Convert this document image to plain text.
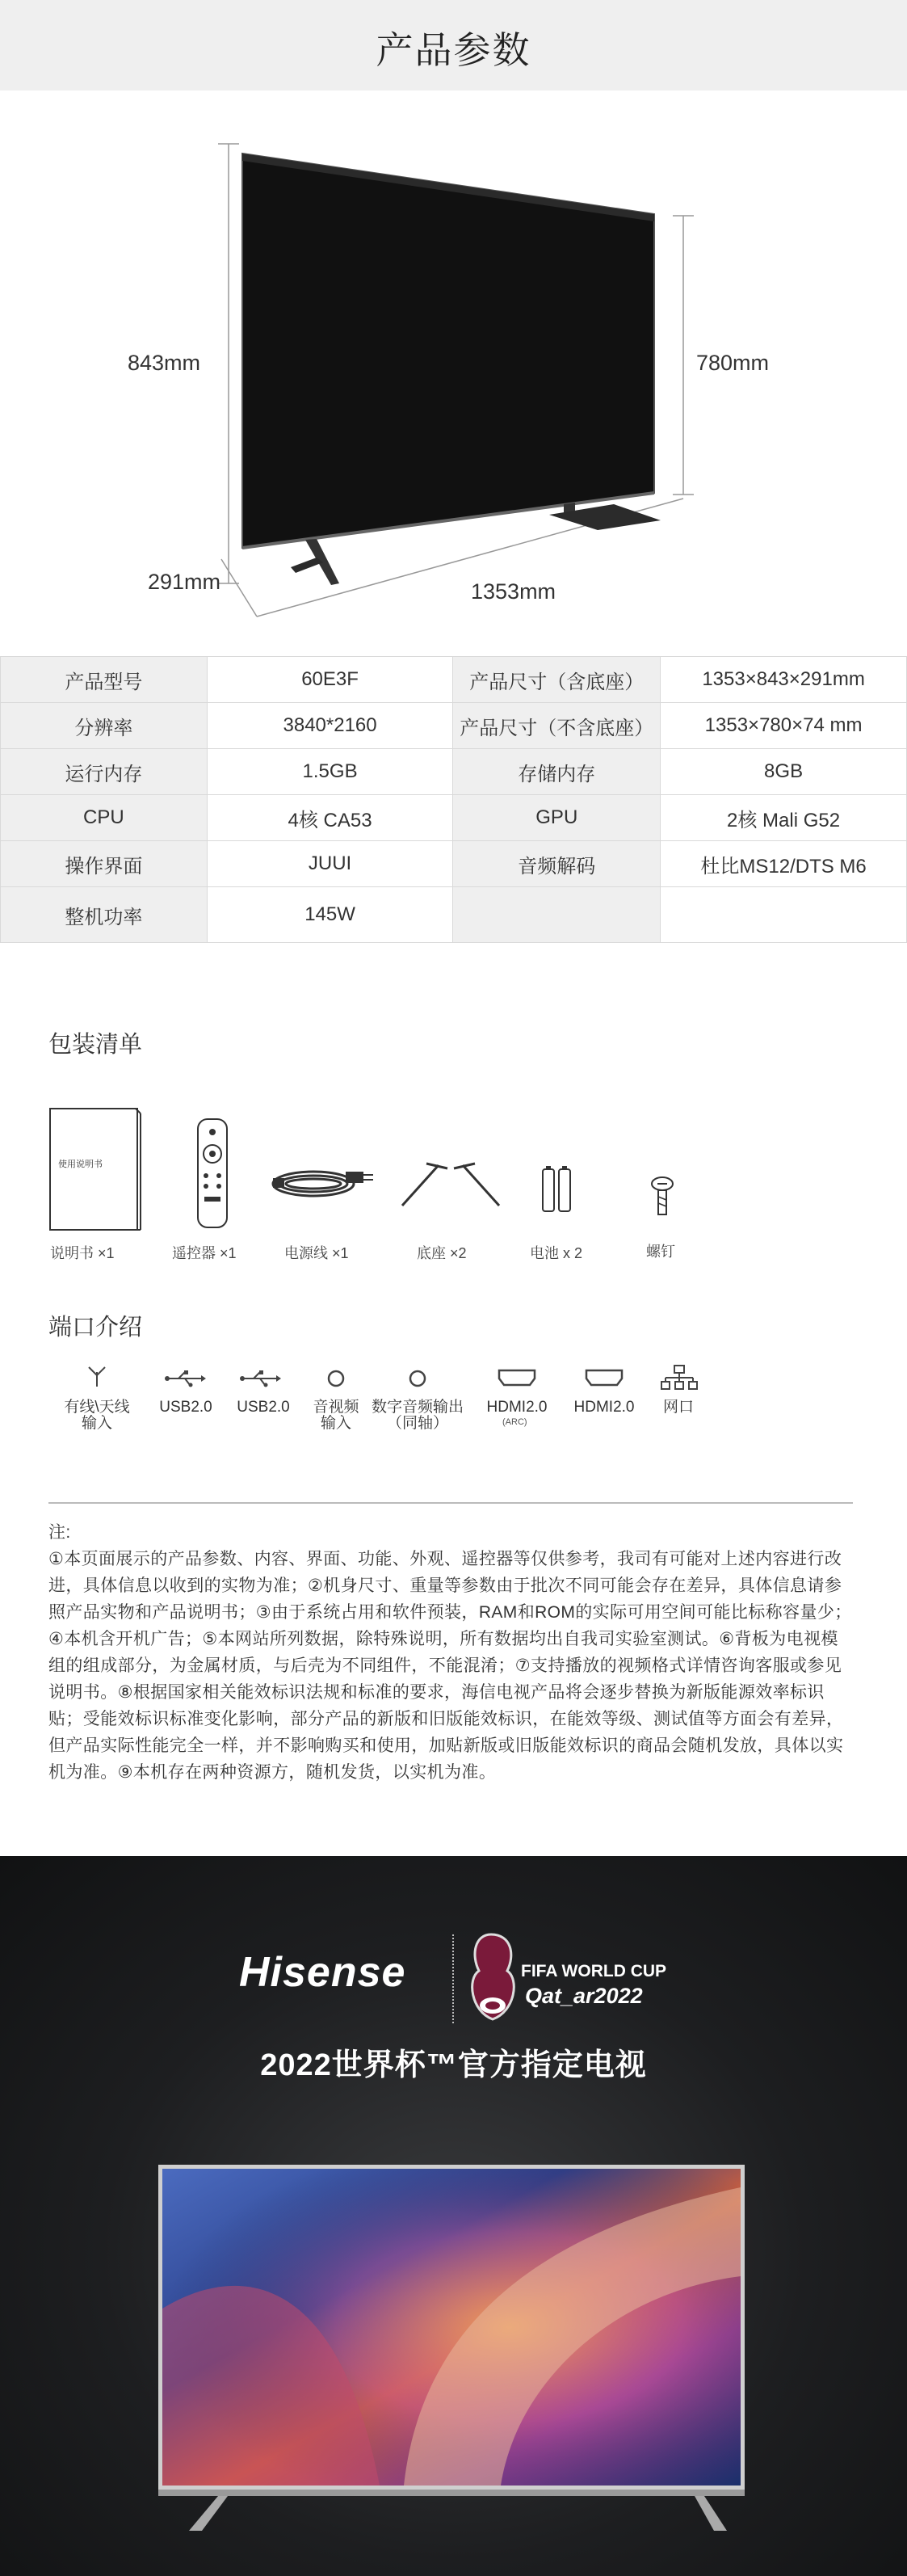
产品参数
843mm	780mm
291mm	1353mm
产品型号	60E3F	产品尺寸（含底座）	1353×843×291mm
分辨率	3840*2160	产品尺寸（不含底座）	1353×780×74 mm
运行内存	1.5GB	存储内存	8GB
CPU	4核 CA53	GPU	2核 Mali G52
操作界面	JUUI	音频解码	杜比MS12/DTS M6
整机功率	145W		
包装清单
使用说明书
说明书 ×1	遥控器 ×1	电源线 ×1	底座 ×2	电池 x 2	螺钉
端口介绍
有线\天线
输入
USB2.0	USB2.0	音视频
输入
数字音频输出
（同轴）
HDMI2.0
(ARC)
HDMI2.0	网口
注:
①本页面展示的产品参数、内容、界面、功能、外观、遥控器等仅供参考，我司有可能对上述内容进行改进，具体信息以收到的实物为准；②机身尺寸、重量等参数由于批次不同可能会存在差异，具体信息请参照产品实物和产品说明书；③由于系统占用和软件预装，RAM和ROM的实际可用空间可能比标称容量少；④本机含开机广告；⑤本网站所列数据，除特殊说明，所有数据均出自我司实验室测试。⑥背板为电视模组的组成部分，为金属材质，与后壳为不同组件，不能混淆；⑦支持播放的视频格式详情咨询客服或参见说明书。⑧根据国家相关能效标识法规和标准的要求，海信电视产品将会逐步替换为新版能源效率标识贴；受能效标识标准变化影响，部分产品的新版和旧版能效标识，在能效等级、测试值等方面会有差异，但产品实际性能完全一样，并不影响购买和使用，加贴新版或旧版能效标识的商品会随机发放，具体以实机为准。⑨本机存在两种资源方，随机发货，以实机为准。
Hisense	FIFA WORLD CUP
Qat_ar2022
2022世界杯™官方指定电视
